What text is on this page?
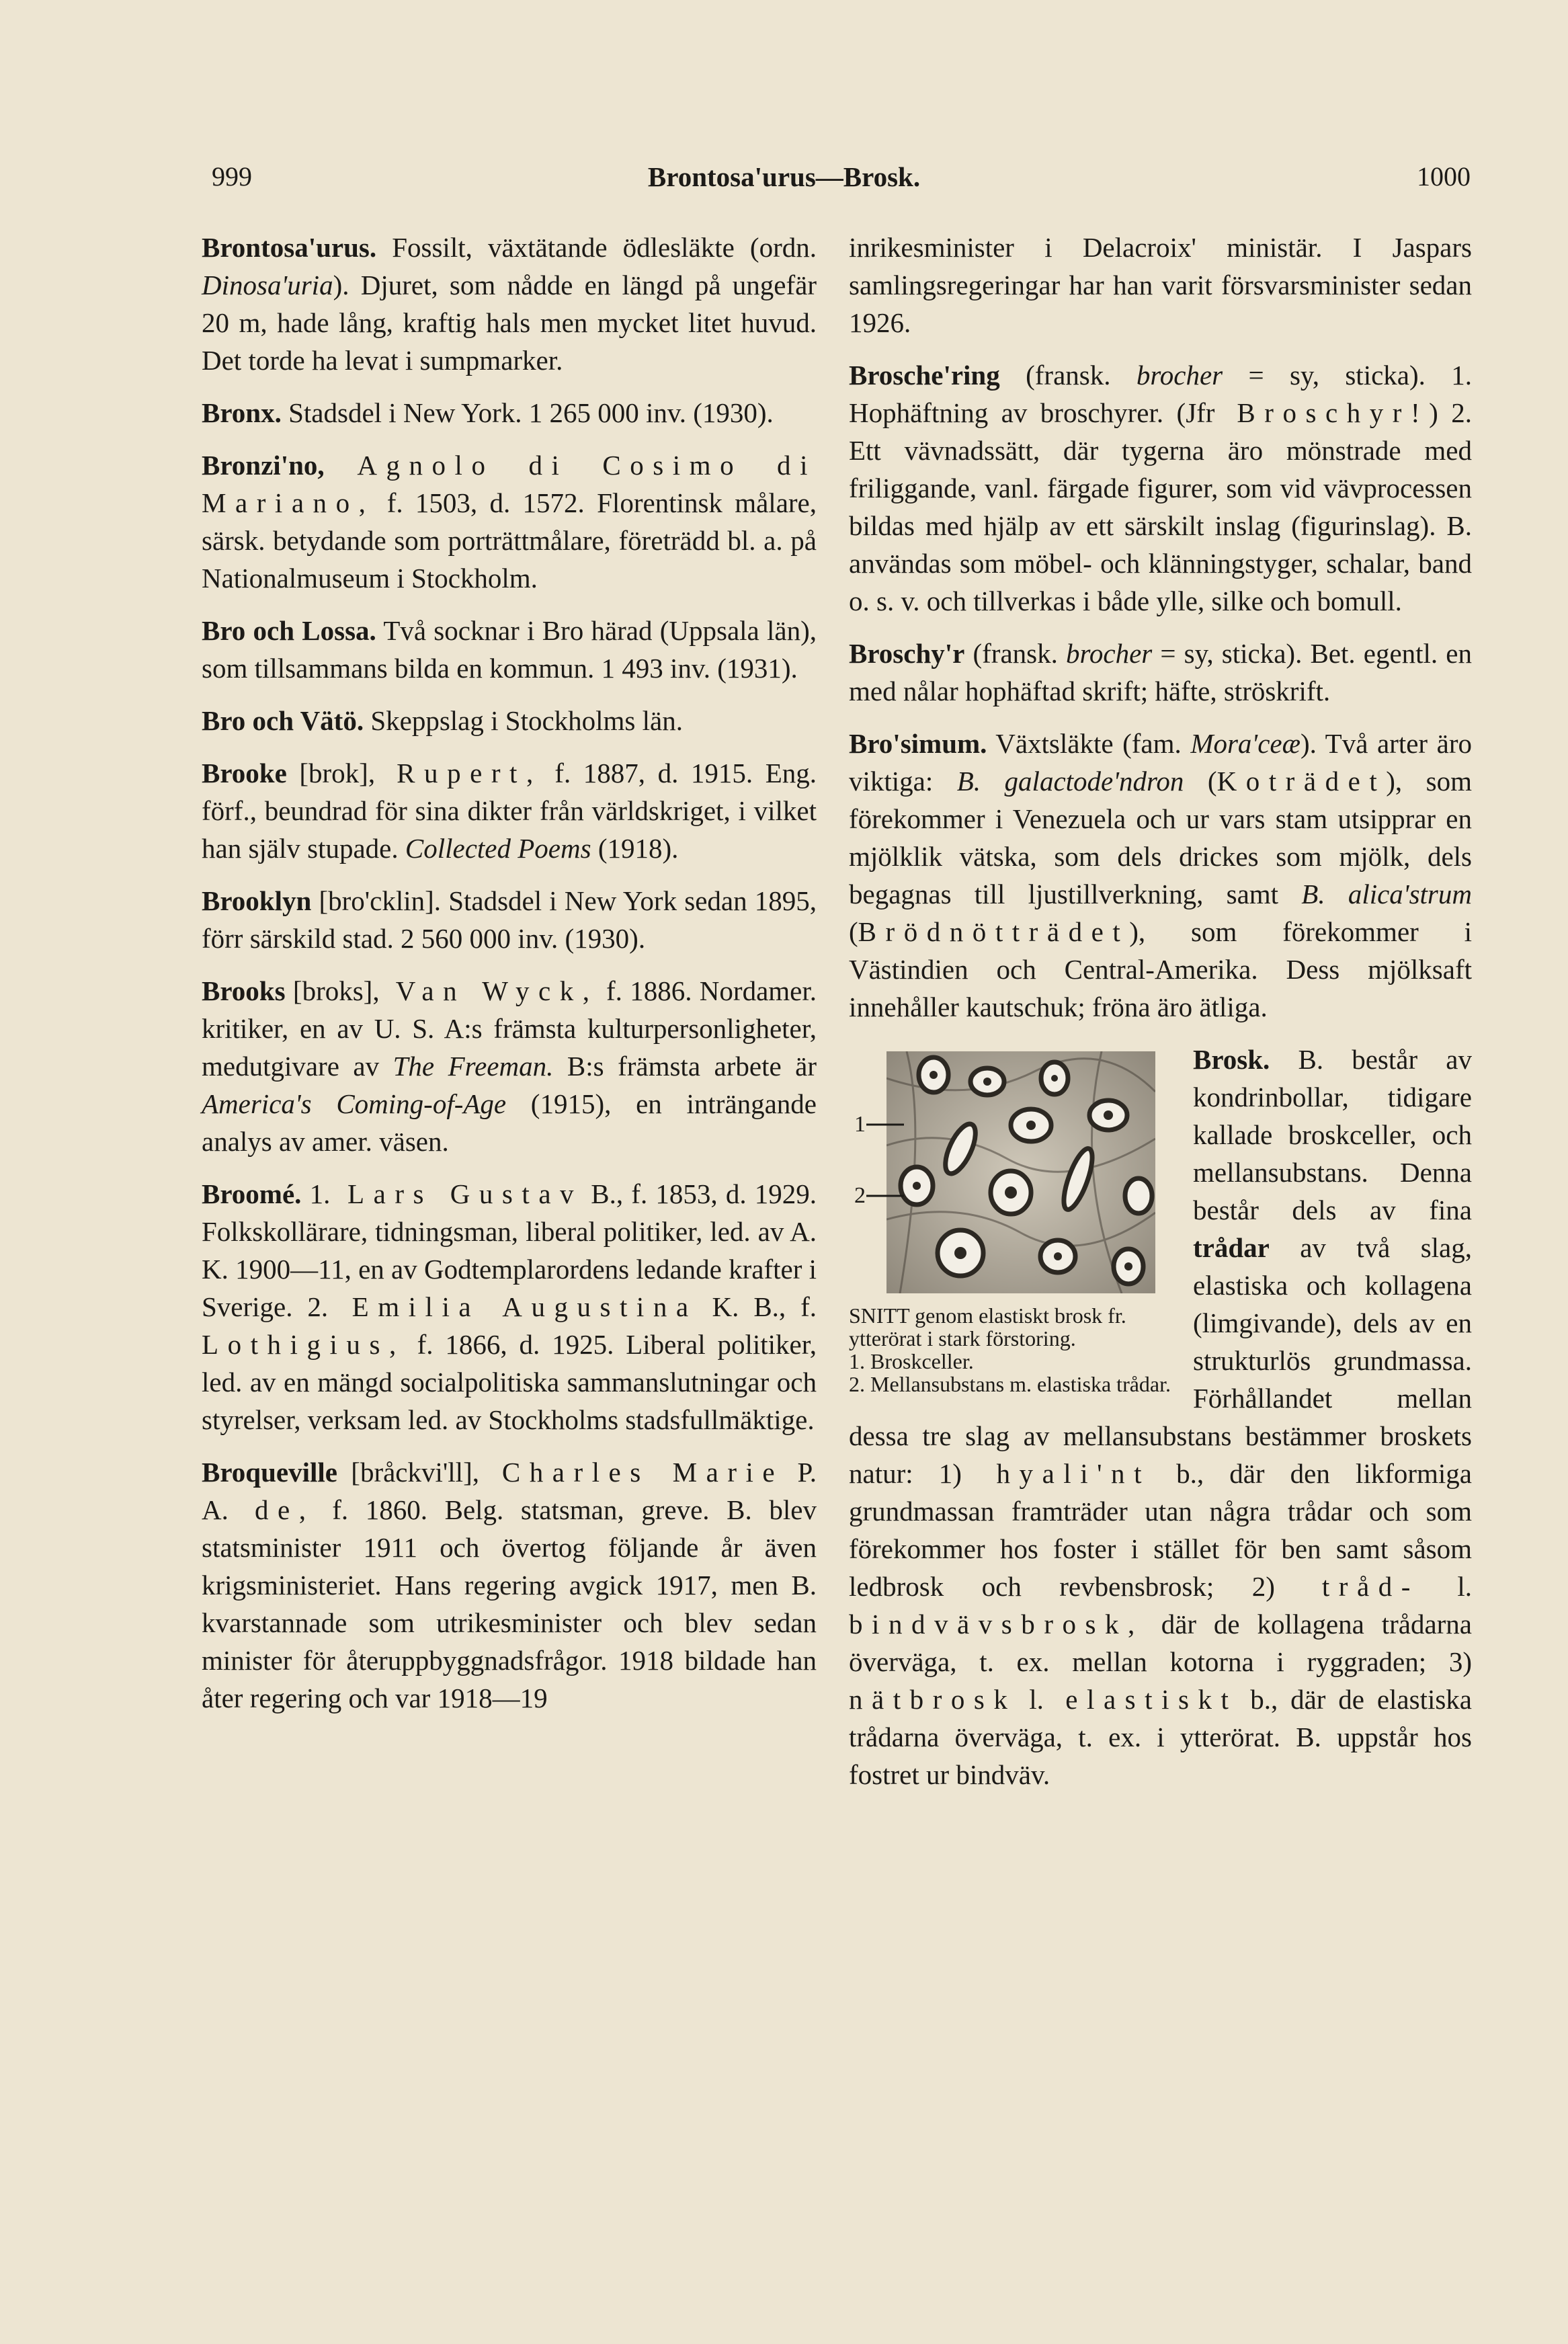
999	Brontosa'urus—Brosk.	1000

Brontosa'urus. Fossilt, växtätande ödlesläkte (ordn. Dinosa'uria). Djuret, som nådde en längd på ungefär 20 m, hade lång, kraftig hals men mycket litet huvud. Det torde ha levat i sumpmarker.

Bronx. Stadsdel i New York. 1 265 000 inv. (1930).

Bronzi'no, Agnolo di Cosimo di Mariano, f. 1503, d. 1572. Florentinsk målare, särsk. betydande som porträttmålare, företrädd bl. a. på Nationalmuseum i Stockholm.

Bro och Lossa. Två socknar i Bro härad (Uppsala län), som tillsammans bilda en kommun. 1 493 inv. (1931).

Bro och Vätö. Skeppslag i Stockholms län.

Brooke [brok], Rupert, f. 1887, d. 1915. Eng. förf., beundrad för sina dikter från världskriget, i vilket han själv stupade. Collected Poems (1918).

Brooklyn [bro'cklin]. Stadsdel i New York sedan 1895, förr särskild stad. 2 560 000 inv. (1930).

Brooks [broks], Van Wyck, f. 1886. Nordamer. kritiker, en av U. S. A:s främsta kulturpersonligheter, medutgivare av The Freeman. B:s främsta arbete är America's Coming-of-Age (1915), en inträngande analys av amer. väsen.

Broomé. 1. Lars Gustav B., f. 1853, d. 1929. Folkskollärare, tidningsman, liberal politiker, led. av A. K. 1900—11, en av Godtemplarordens ledande krafter i Sverige. 2. Emilia Augustina K. B., f. Lothigius, f. 1866, d. 1925. Liberal politiker, led. av en mängd socialpolitiska sammanslutningar och styrelser, verksam led. av Stockholms stadsfullmäktige.

Broqueville [bråckvi'll], Charles Marie P. A. de, f. 1860. Belg. statsman, greve. B. blev statsminister 1911 och övertog följande år även krigsministeriet. Hans regering avgick 1917, men B. kvarstannade som utrikesminister och blev sedan minister för återuppbyggnadsfrågor. 1918 bildade han åter regering och var 1918—19

inrikesminister i Delacroix' ministär. I Jaspars samlingsregeringar har han varit försvarsminister sedan 1926.

Brosche'ring (fransk. brocher = sy, sticka). 1. Hophäftning av broschyrer. (Jfr Broschyr!) 2. Ett vävnadssätt, där tygerna äro mönstrade med friliggande, vanl. färgade figurer, som vid vävprocessen bildas med hjälp av ett särskilt inslag (figurinslag). B. användas som möbel- och klänningstyger, schalar, band o. s. v. och tillverkas i både ylle, silke och bomull.

Broschy'r (fransk. brocher = sy, sticka). Bet. egentl. en med nålar hophäftad skrift; häfte, ströskrift.

Bro'simum. Växtsläkte (fam. Mora'ceæ). Två arter äro viktiga: B. galactode'ndron (Koträdet), som förekommer i Venezuela och ur vars stam utsipprar en mjölklik vätska, som dels drickes som mjölk, dels begagnas till ljustillverkning, samt B. alica'strum (Brödnötträdet), som förekommer i Västindien och Central-Amerika. Dess mjölksaft innehåller kautschuk; fröna äro ätliga.

1
2
SNITT genom elastiskt brosk fr. ytterörat i stark förstoring.
1. Broskceller.
2. Mellansubstans m. elastiska trådar.
Brosk. B. består av kondrinbollar, tidigare kallade broskceller, och mellansubstans. Denna består dels av fina trådar av två slag, elastiska och kollagena (limgivande), dels av en strukturlös grundmassa. Förhållandet mellan dessa tre slag av mellansubstans bestämmer broskets natur: 1) hyali'nt b., där den likformiga grundmassan framträder utan några trådar och som förekommer hos foster i stället för ben samt såsom ledbrosk och revbensbrosk; 2) tråd- l. bindvävsbrosk, där de kollagena trådarna överväga, t. ex. mellan kotorna i ryggraden; 3) nätbrosk l. elastiskt b., där de elastiska trådarna överväga, t. ex. i ytterörat. B. uppstår hos fostret ur bindväv.
